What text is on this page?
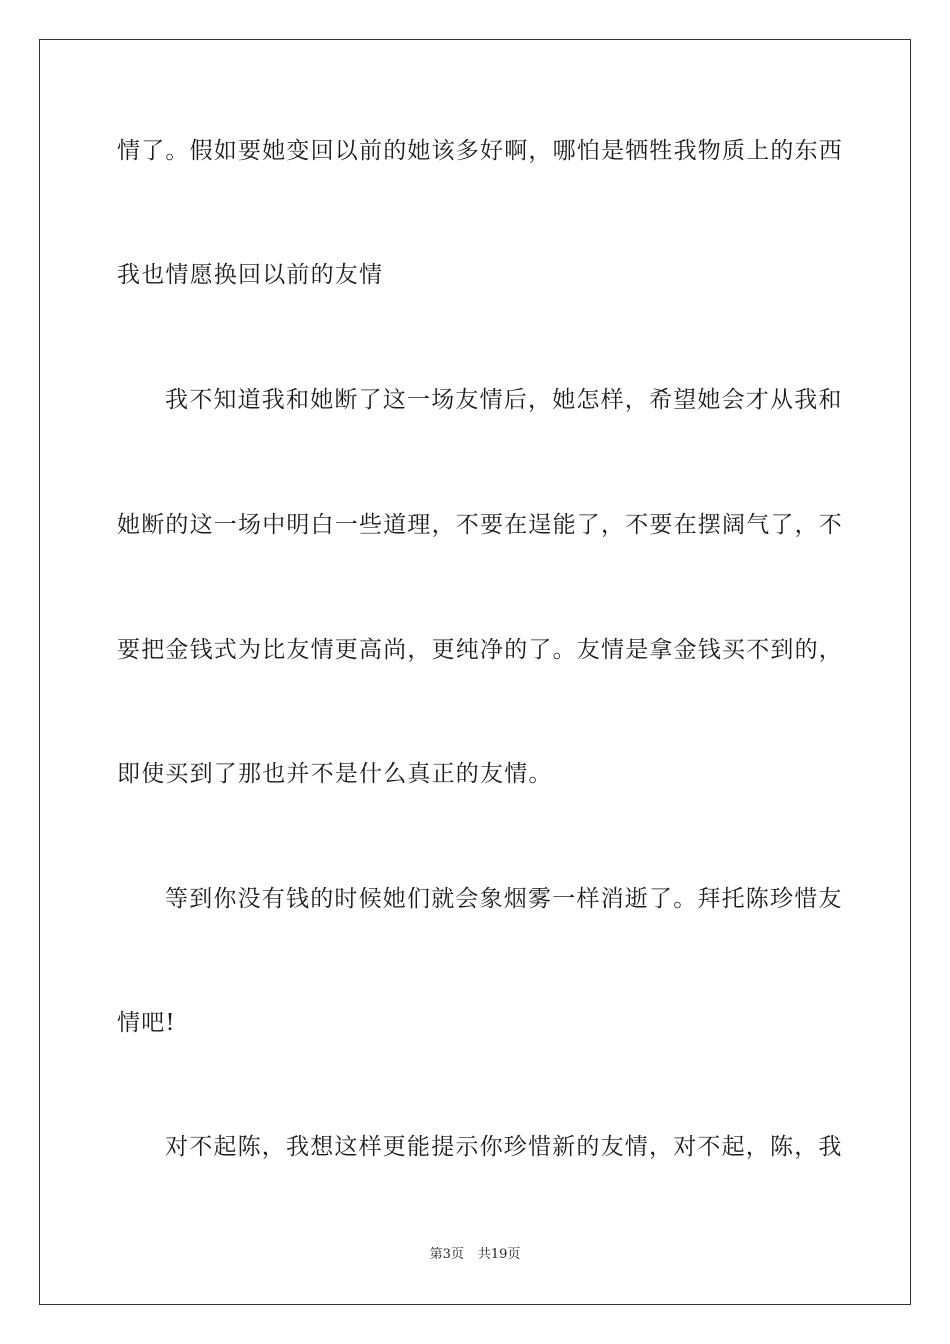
情了。假如要她变回以前的她该多好啊，哪怕是牺牲我物质上的东西
我也情愿换回以前的友情
我不知道我和她断了这一场友情后，她怎样，希望她会才从我和
她断的这一场中明白一些道理，不要在逞能了，不要在摆阔气了，不
要把金钱式为比友情更高尚，更纯净的了。友情是拿金钱买不到的，
即使买到了那也并不是什么真正的友情。
等到你没有钱的时候她们就会象烟雾一样消逝了。拜托陈珍惜友
情吧!
对不起陈，我想这样更能提示你珍惜新的友情，对不起，陈，我
第3页 共19页
